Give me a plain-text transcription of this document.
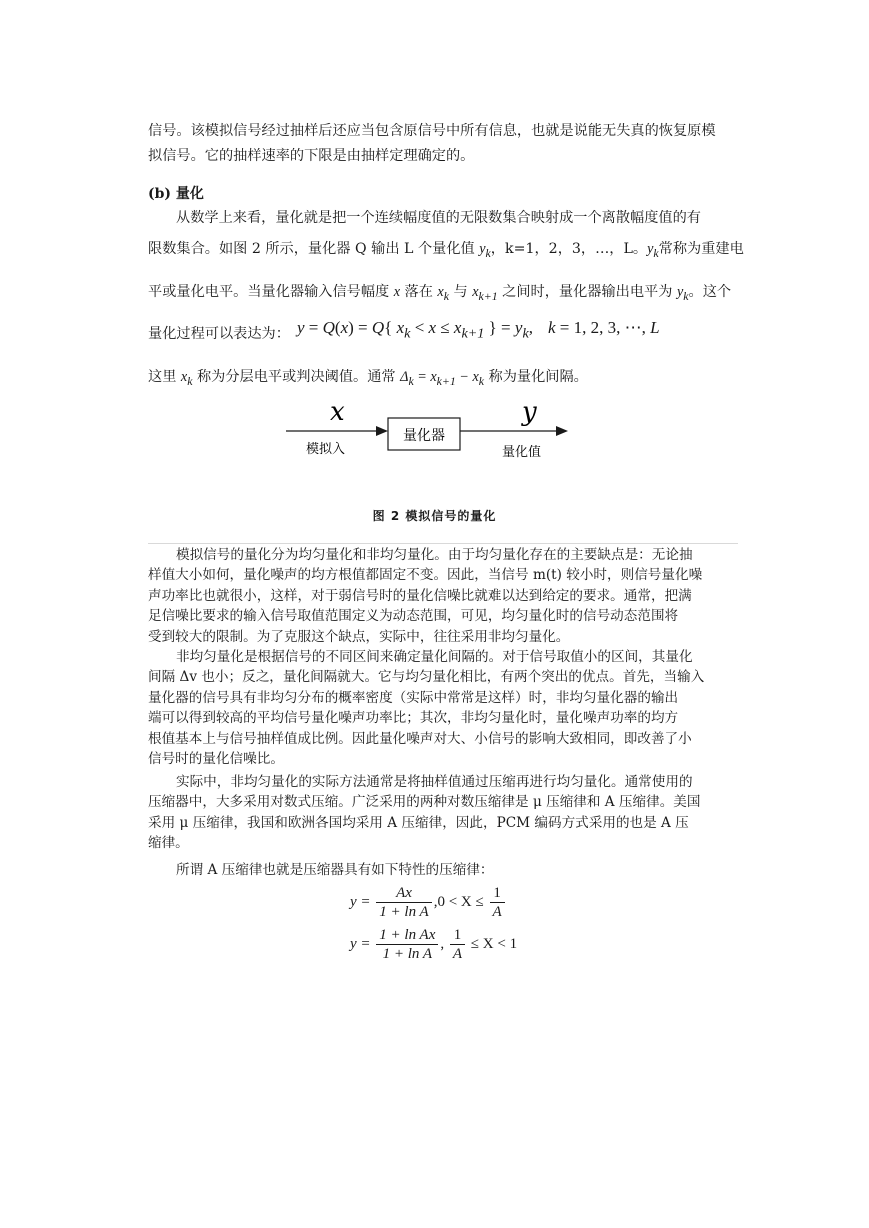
信号。该模拟信号经过抽样后还应当包含原信号中所有信息，也就是说能无失真的恢复原模
拟信号。它的抽样速率的下限是由抽样定理确定的。
(b) 量化
从数学上来看，量化就是把一个连续幅度值的无限数集合映射成一个离散幅度值的有
限数集合。如图 2 所示，量化器 Q 输出 L 个量化值 $y_k$，k=1，2，3，…，L。$y_k$常称为重建电
平或量化电平。当量化器输入信号幅度 x 落在 $x_k$ 与 $x_{k+1}$ 之间时，量化器输出电平为 $y_k$。这个
量化过程可以表达为： y = Q(x) = Q{ $x_k < x \le x_{k+1}$ } = $y_k$, k = 1, 2, 3, ⋯, L
这里 $x_k$ 称为分层电平或判决阈值。通常 $\Delta_k = x_{k+1} - x_k$ 称为量化间隔。
x	y
量化器
模拟入	量化值
图 2 模拟信号的量化
模拟信号的量化分为均匀量化和非均匀量化。由于均匀量化存在的主要缺点是：无论抽
样值大小如何，量化噪声的均方根值都固定不变。因此，当信号 m(t) 较小时，则信号量化噪
声功率比也就很小，这样，对于弱信号时的量化信噪比就难以达到给定的要求。通常，把满
足信噪比要求的输入信号取值范围定义为动态范围，可见，均匀量化时的信号动态范围将
受到较大的限制。为了克服这个缺点，实际中，往往采用非均匀量化。
非均匀量化是根据信号的不同区间来确定量化间隔的。对于信号取值小的区间，其量化
间隔 Δv 也小；反之，量化间隔就大。它与均匀量化相比，有两个突出的优点。首先，当输入
量化器的信号具有非均匀分布的概率密度（实际中常常是这样）时，非均匀量化器的输出
端可以得到较高的平均信号量化噪声功率比；其次，非均匀量化时，量化噪声功率的均方
根值基本上与信号抽样值成比例。因此量化噪声对大、小信号的影响大致相同，即改善了小
信号时的量化信噪比。
实际中，非均匀量化的实际方法通常是将抽样值通过压缩再进行均匀量化。通常使用的
压缩器中，大多采用对数式压缩。广泛采用的两种对数压缩律是 μ 压缩律和 A 压缩律。美国
采用 μ 压缩律，我国和欧洲各国均采用 A 压缩律，因此，PCM 编码方式采用的也是 A 压
缩律。
所谓 A 压缩律也就是压缩器具有如下特性的压缩律：
$y = \frac{Ax}{\text{1 + ln A}} ,0 < X \le \frac{1}{A}$
$y = \frac{\text{1 + ln Ax}}{\text{1 + ln A}}$ , $\frac{1}{A} \le X < 1$
